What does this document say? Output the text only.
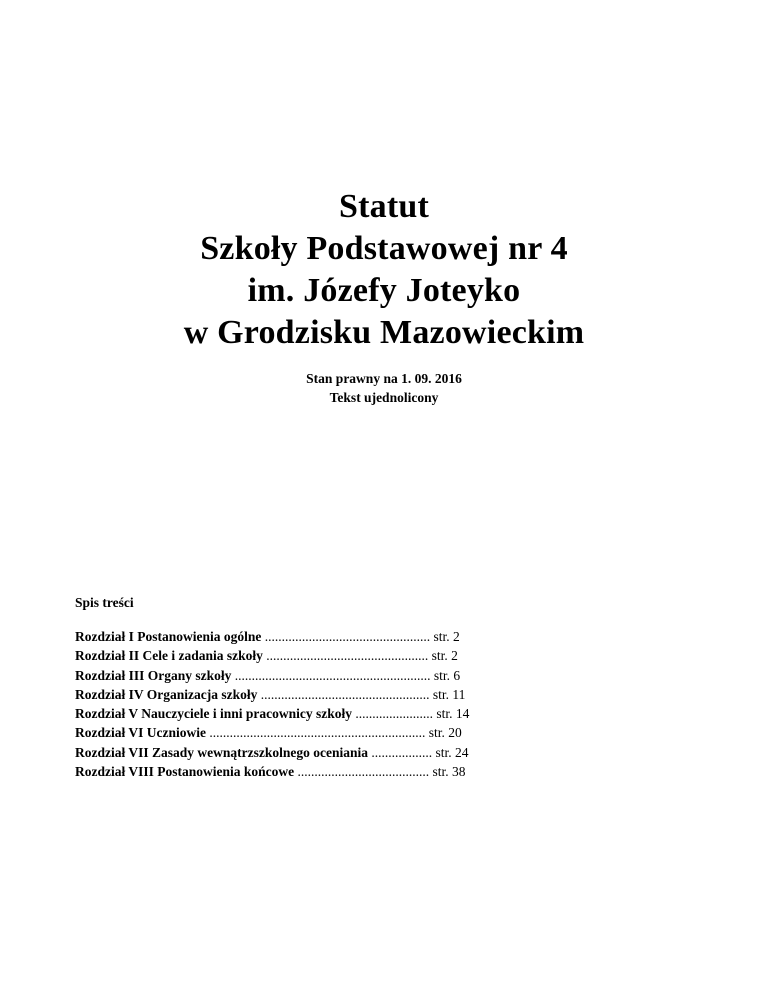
Statut
Szkoły Podstawowej nr 4
im. Józefy Joteyko
w Grodzisku Mazowieckim
Stan prawny na 1. 09. 2016
Tekst ujednolicony
Spis treści
Rozdział I Postanowienia ogólne ................................................. str. 2
Rozdział II Cele i zadania szkoły ................................................ str. 2
Rozdział III Organy szkoły .......................................................... str. 6
Rozdział IV Organizacja szkoły .................................................. str. 11
Rozdział V Nauczyciele i inni pracownicy szkoły ....................... str. 14
Rozdział VI Uczniowie ................................................................ str. 20
Rozdział VII Zasady wewnątrzszkolnego oceniania .................. str. 24
Rozdział VIII Postanowienia końcowe ....................................... str. 38
